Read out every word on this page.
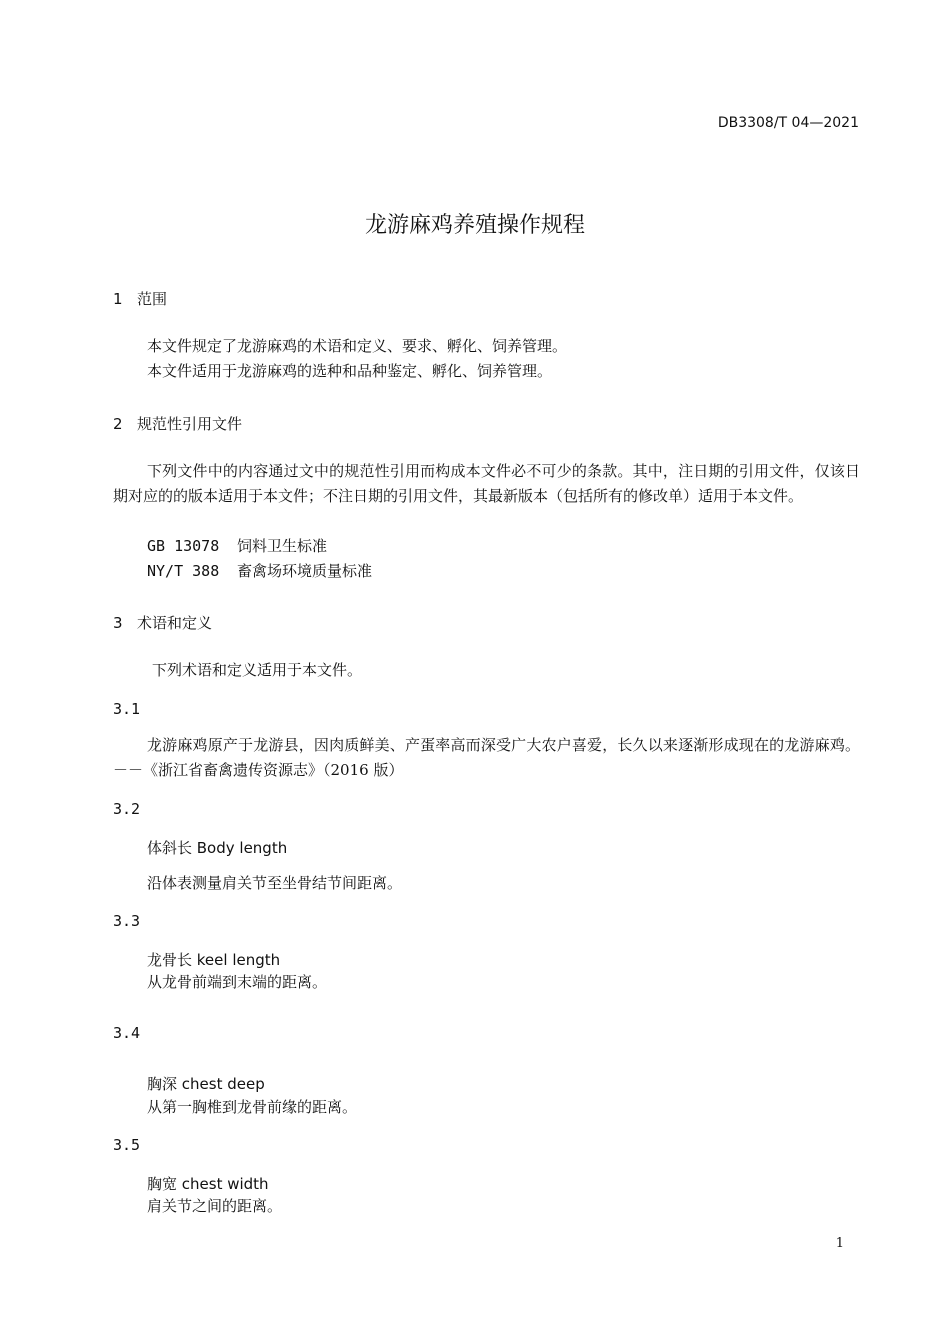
DB3308/T 04—2021
龙游麻鸡养殖操作规程
1 范围
本文件规定了龙游麻鸡的术语和定义、要求、孵化、饲养管理。
本文件适用于龙游麻鸡的选种和品种鉴定、孵化、饲养管理。
2 规范性引用文件
下列文件中的内容通过文中的规范性引用而构成本文件必不可少的条款。其中，注日期的引用文件，仅该日期对应的的版本适用于本文件；不注日期的引用文件，其最新版本（包括所有的修改单）适用于本文件。
GB 13078 饲料卫生标准
NY/T 388 畜禽场环境质量标准
3 术语和定义
下列术语和定义适用于本文件。
3.1
龙游麻鸡原产于龙游县，因肉质鲜美、产蛋率高而深受广大农户喜爱，长久以来逐渐形成现在的龙游麻鸡。－－《浙江省畜禽遗传资源志》（2016 版）
3.2
体斜长 Body length
沿体表测量肩关节至坐骨结节间距离。
3.3
龙骨长 keel length
从龙骨前端到末端的距离。
3.4
胸深 chest deep
从第一胸椎到龙骨前缘的距离。
3.5
胸宽 chest width
肩关节之间的距离。
1
